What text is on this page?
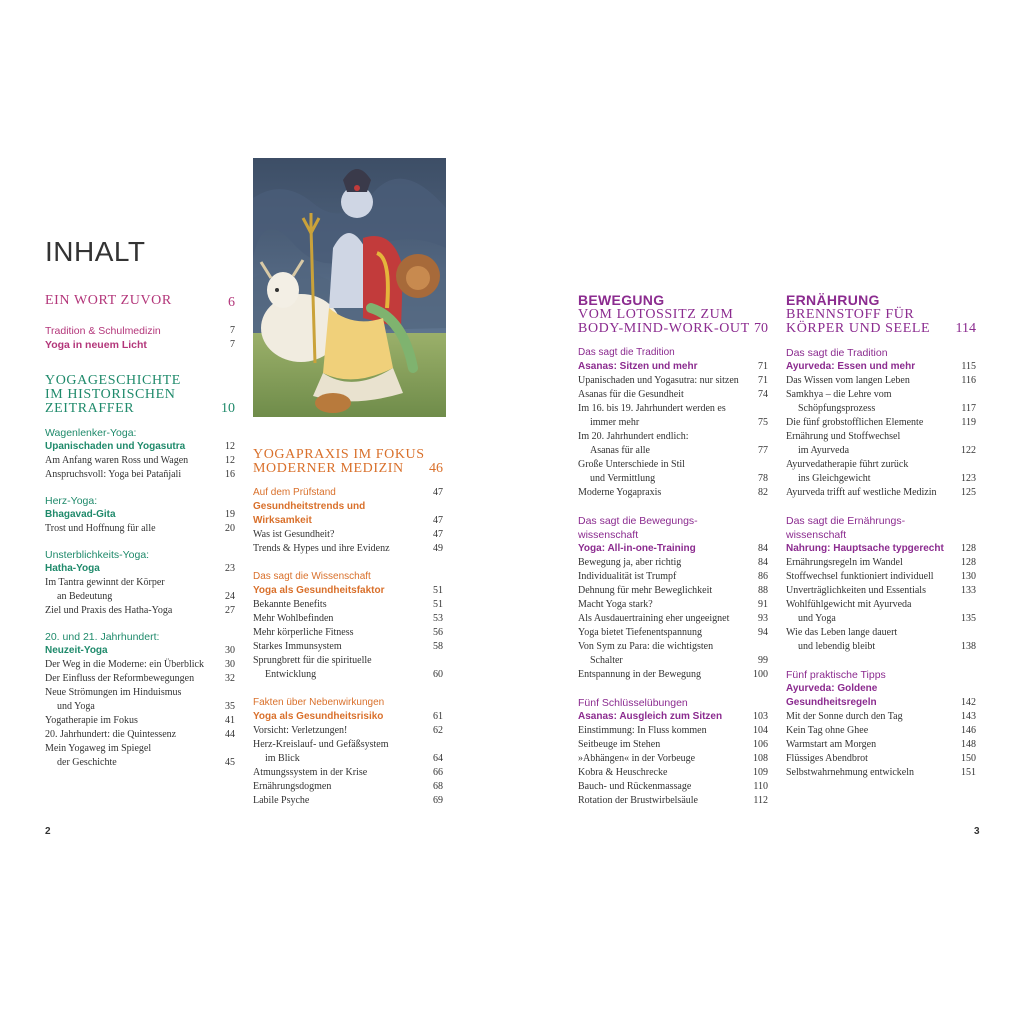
INHALT
EIN WORT ZUVOR	6
Tradition & Schulmedizin	7
Yoga in neuem Licht	7
YOGAGESCHICHTE
IM HISTORISCHEN
ZEITRAFFER	10
Wagenlenker-Yoga:
Upanischaden und Yogasutra	12
Am Anfang waren Ross und Wagen	12
Anspruchsvoll: Yoga bei Patañjali	16
Herz-Yoga:
Bhagavad-Gita	19
Trost und Hoffnung für alle	20
Unsterblichkeits-Yoga:
Hatha-Yoga	23
Im Tantra gewinnt der Körper
an Bedeutung	24
Ziel und Praxis des Hatha-Yoga	27
20. und 21. Jahrhundert:
Neuzeit-Yoga	30
Der Weg in die Moderne: ein Überblick	30
Der Einfluss der Reformbewegungen	32
Neue Strömungen im Hinduismus
und Yoga	35
Yogatherapie im Fokus	41
20. Jahrhundert: die Quintessenz	44
Mein Yogaweg im Spiegel
der Geschichte	45
YOGAPRAXIS IM FOKUS
MODERNER MEDIZIN	46
Auf dem Prüfstand	47
Gesundheitstrends und
Wirksamkeit	47
Was ist Gesundheit?	47
Trends & Hypes und ihre Evidenz	49
Das sagt die Wissenschaft
Yoga als Gesundheitsfaktor	51
Bekannte Benefits	51
Mehr Wohlbefinden	53
Mehr körperliche Fitness	56
Starkes Immunsystem	58
Sprungbrett für die spirituelle
Entwicklung	60
Fakten über Nebenwirkungen
Yoga als Gesundheitsrisiko	61
Vorsicht: Verletzungen!	62
Herz-Kreislauf- und Gefäßsystem
im Blick	64
Atmungssystem in der Krise	66
Ernährungsdogmen	68
Labile Psyche	69
2
BEWEGUNG
VOM LOTOSSITZ ZUM
BODY-MIND-WORK-OUT 70
Das sagt die Tradition
Asanas: Sitzen und mehr	71
Upanischaden und Yogasutra: nur sitzen	71
Asanas für die Gesundheit	74
Im 16. bis 19. Jahrhundert werden es
immer mehr	75
Im 20. Jahrhundert endlich:
Asanas für alle	77
Große Unterschiede in Stil
und Vermittlung	78
Moderne Yogapraxis	82
Das sagt die Bewegungs-
wissenschaft
Yoga: All-in-one-Training	84
Bewegung ja, aber richtig	84
Individualität ist Trumpf	86
Dehnung für mehr Beweglichkeit	88
Macht Yoga stark?	91
Als Ausdauertraining eher ungeeignet	93
Yoga bietet Tiefenentspannung	94
Von Sym zu Para: die wichtigsten
Schalter	99
Entspannung in der Bewegung	100
Fünf Schlüsselübungen
Asanas: Ausgleich zum Sitzen	103
Einstimmung: In Fluss kommen	104
Seitbeuge im Stehen	106
»Abhängen« in der Vorbeuge	108
Kobra & Heuschrecke	109
Bauch- und Rückenmassage	110
Rotation der Brustwirbelsäule	112
ERNÄHRUNG
BRENNSTOFF FÜR
KÖRPER UND SEELE	114
Das sagt die Tradition
Ayurveda: Essen und mehr	115
Das Wissen vom langen Leben	116
Samkhya – die Lehre vom
Schöpfungsprozess	117
Die fünf grobstofflichen Elemente	119
Ernährung und Stoffwechsel
im Ayurveda	122
Ayurvedatherapie führt zurück
ins Gleichgewicht	123
Ayurveda trifft auf westliche Medizin	125
Das sagt die Ernährungs-
wissenschaft
Nahrung: Hauptsache typgerecht	128
Ernährungsregeln im Wandel	128
Stoffwechsel funktioniert individuell	130
Unverträglichkeiten und Essentials	133
Wohlfühlgewicht mit Ayurveda
und Yoga	135
Wie das Leben lange dauert
und lebendig bleibt	138
Fünf praktische Tipps
Ayurveda: Goldene
Gesundheitsregeln	142
Mit der Sonne durch den Tag	143
Kein Tag ohne Ghee	146
Warmstart am Morgen	148
Flüssiges Abendbrot	150
Selbstwahrnehmung entwickeln	151
3
